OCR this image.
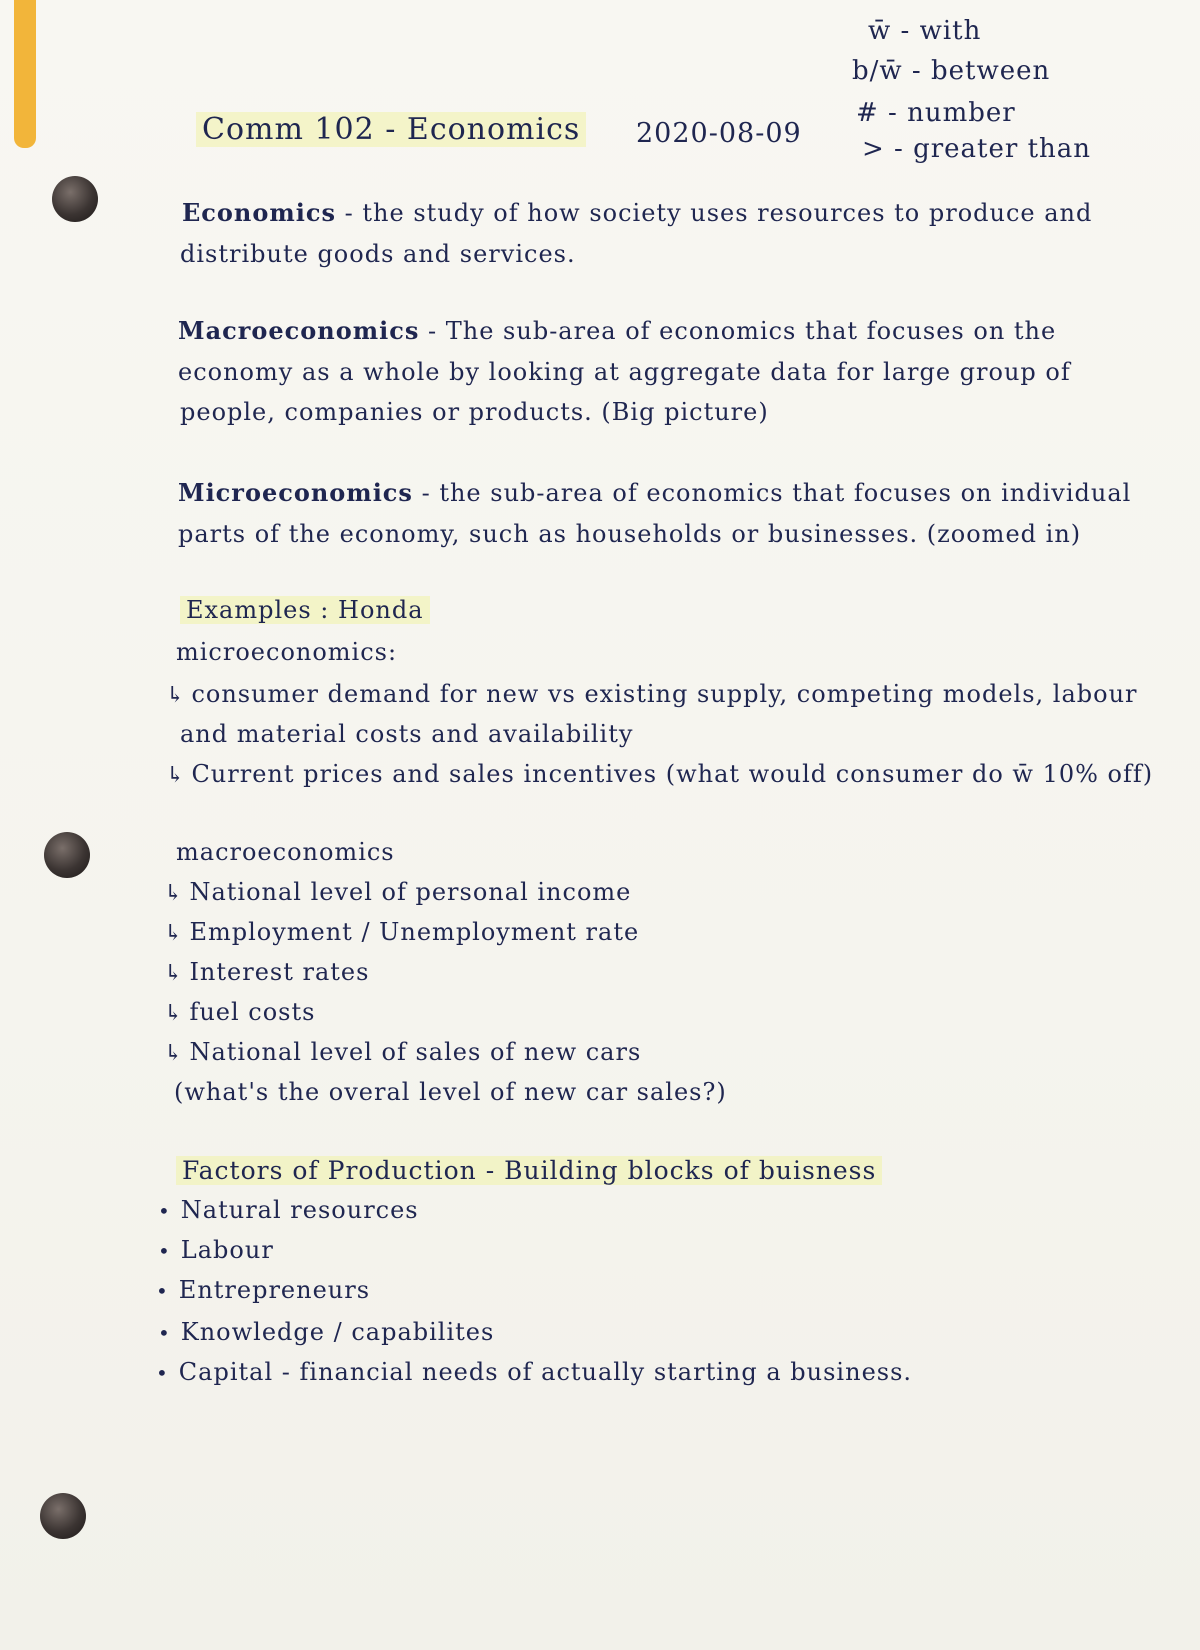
Comm 102 - Economics 2020-08-09
w̄ - with
b/w̄ - between
# - number
> - greater than
Economics - the study of how society uses resources to produce and
distribute goods and services.
Macroeconomics - The sub-area of economics that focuses on the
economy as a whole by looking at aggregate data for large group of
people, companies or products. (Big picture)
Microeconomics - the sub-area of economics that focuses on individual
parts of the economy, such as households or businesses. (zoomed in)
Examples : Honda
microeconomics:
↳ consumer demand for new vs existing supply, competing models, labour
and material costs and availability
↳ Current prices and sales incentives (what would consumer do w̄ 10% off)
macroeconomics
↳ National level of personal income
↳ Employment / Unemployment rate
↳ Interest rates
↳ fuel costs
↳ National level of sales of new cars
(what's the overal level of new car sales?)
Factors of Production - Building blocks of buisness
• Natural resources
• Labour
• Entrepreneurs
• Knowledge / capabilites
• Capital - financial needs of actually starting a business.
